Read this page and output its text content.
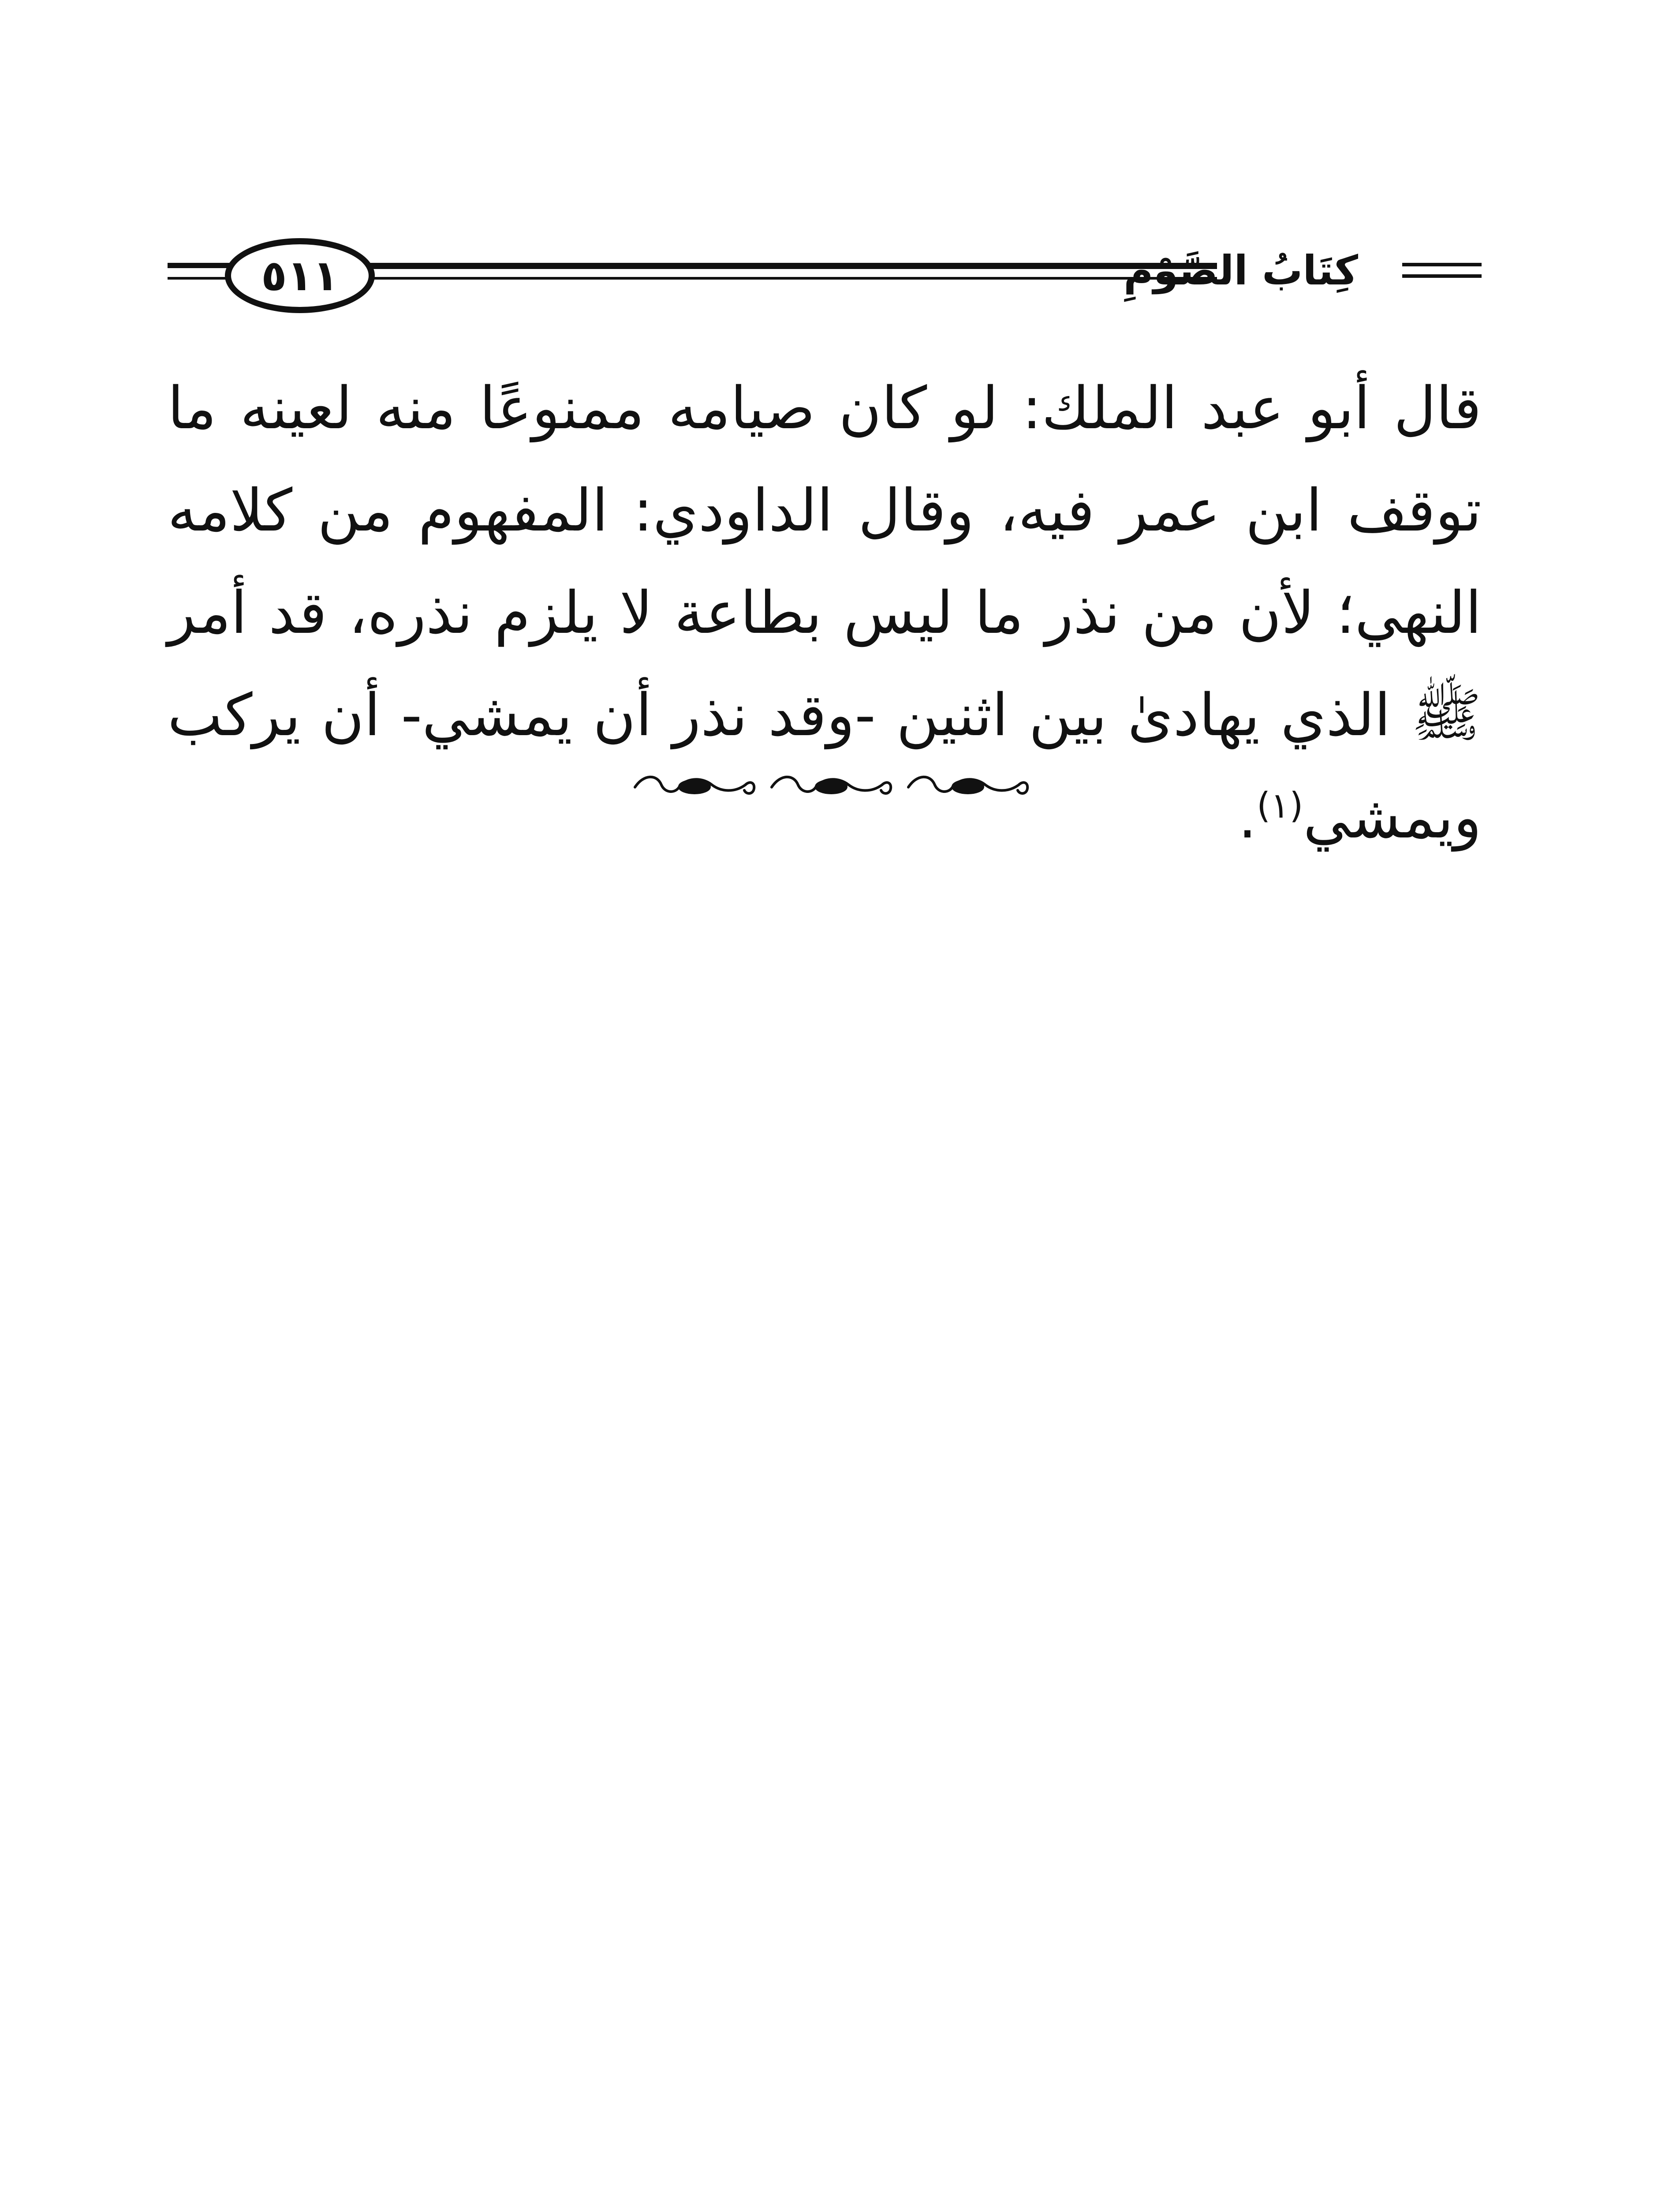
٥١١	كِتَابُ الصَّوْمِ

قال أبو عبد الملك: لو كان صيامه ممنوعًا منه لعينه ما توقف ابن عمر فيه، وقال الداودي: المفهوم من كلامه النهي؛ لأن من نذر ما ليس بطاعة لا يلزم نذره، قد أمر ﷺ الذي يهادىٰ بين اثنين -وقد نذر أن يمشي- أن يركب ويمشي$^{(١)}$.
